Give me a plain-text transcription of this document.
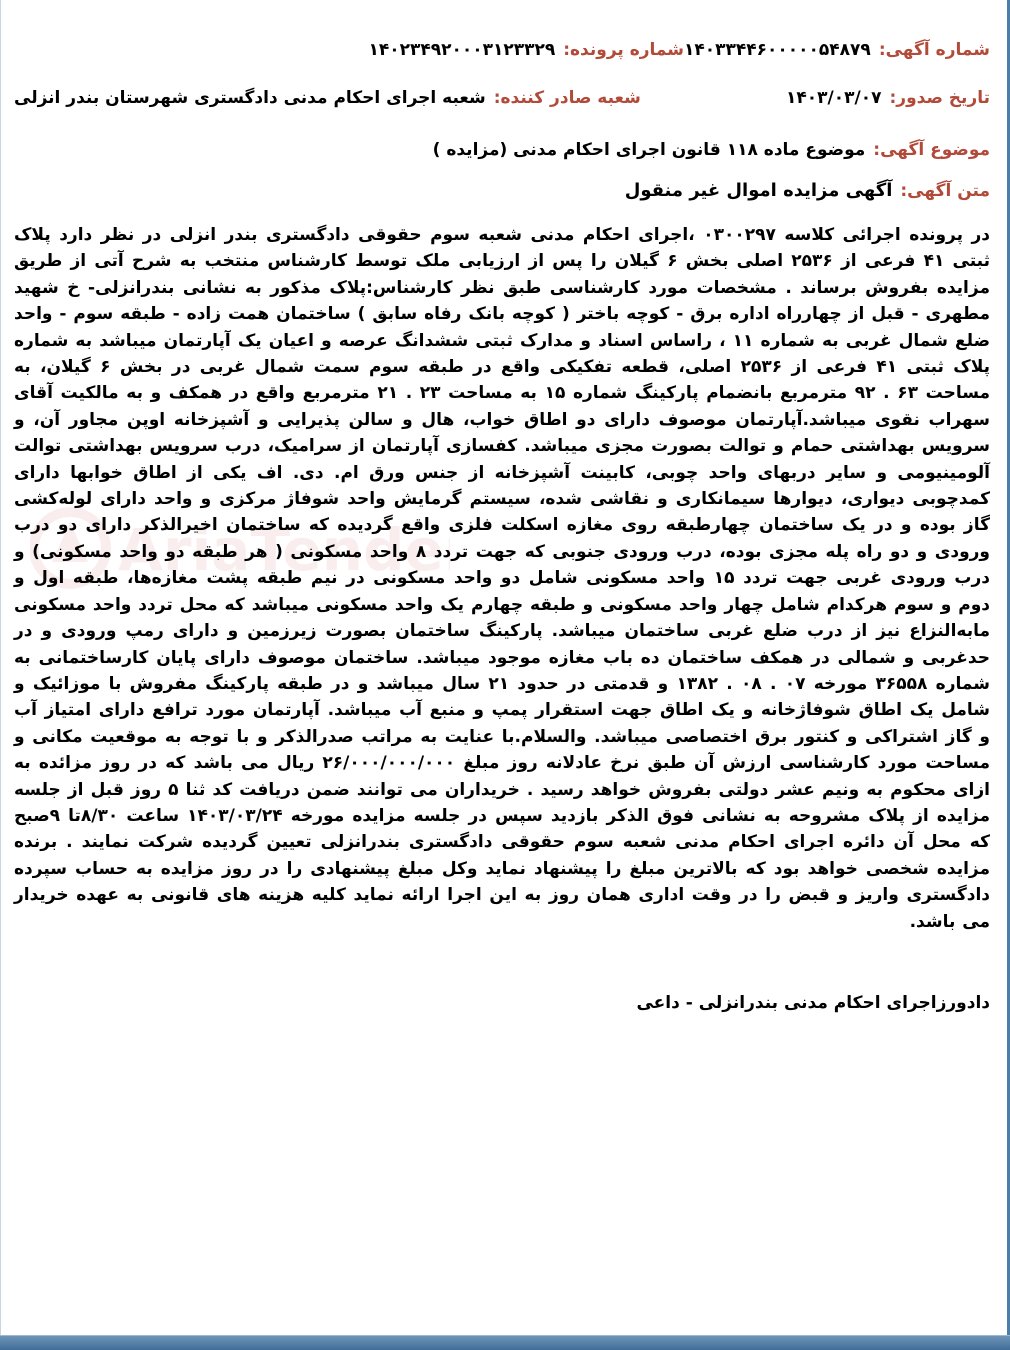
AriaTende
شماره آگهی:
۱۴۰۳۳۴۴۶۰۰۰۰۰۵۴۸۷۹
شماره پرونده:
۱۴۰۲۳۴۹۲۰۰۰۳۱۲۳۳۲۹
تاریخ صدور:
۱۴۰۳/۰۳/۰۷
شعبه صادر کننده:
شعبه اجرای احکام مدنی دادگستری شهرستان بندر انزلی
موضوع آگهی:
موضوع ماده ۱۱۸ قانون اجرای احکام مدنی (مزایده )
متن آگهی:
آگهی مزایده اموال غیر منقول
در پرونده اجرائی کلاسه ۰۳۰۰۲۹۷ ،اجرای احکام مدنی شعبه سوم حقوقی دادگستری بندر انزلی در نظر دارد پلاک ثبتی ۴۱ فرعی از ۲۵۳۶ اصلی بخش ۶ گیلان را پس از ارزیابی ملک توسط کارشناس منتخب به شرح آتی از طریق مزایده بفروش برساند . مشخصات مورد کارشناسی طبق نظر کارشناس:پلاک مذکور به نشانی بندرانزلی- خ شهید مطهری - قبل از چهارراه اداره برق - کوچه باختر ( کوچه بانک رفاه سابق ) ساختمان همت زاده - طبقه سوم - واحد ضلع شمال غربی به شماره ۱۱ ، راساس اسناد و مدارک ثبتی ششدانگ عرصه و اعیان یک آپارتمان میباشد به شماره پلاک ثبتی ۴۱ فرعی از ۲۵۳۶ اصلی، قطعه تفکیکی واقع در طبقه سوم سمت شمال غربی در بخش ۶ گیلان، به مساحت ۶۳ . ۹۲ مترمربع بانضمام پارکینگ شماره ۱۵ به مساحت ۲۳ . ۲۱ مترمربع واقع در همکف و به مالکیت آقای سهراب نقوی میباشد.آپارتمان موصوف دارای دو اطاق خواب، هال و سالن پذیرایی و آشپزخانه اوپن مجاور آن، و سرویس بهداشتی حمام و توالت بصورت مجزی میباشد. کفسازی آپارتمان از سرامیک، درب سرویس بهداشتی توالت آلومینیومی و سایر دربهای واحد چوبی، کابینت آشپزخانه از جنس ورق ام. دی. اف یکی از اطاق خوابها دارای کمدچوبی دیواری، دیوارها سیمانکاری و نقاشی شده، سیستم گرمایش واحد شوفاژ مرکزی و واحد دارای لوله‌کشی گاز بوده و در یک ساختمان چهارطبقه روی مغازه اسکلت فلزی واقع گردیده که ساختمان اخیرالذکر دارای دو درب ورودی و دو راه پله مجزی بوده، درب ورودی جنوبی که جهت تردد ۸ واحد مسکونی ( هر طبقه دو واحد مسکونی) و درب ورودی غربی جهت تردد ۱۵ واحد مسکونی شامل دو واحد مسکونی در نیم طبقه پشت مغازه‌ها، طبقه اول و دوم و سوم هرکدام شامل چهار واحد مسکونی و طبقه چهارم یک واحد مسکونی میباشد که محل تردد واحد مسکونی مابه‌النزاع نیز از درب ضلع غربی ساختمان میباشد. پارکینگ ساختمان بصورت زیرزمین و دارای رمپ ورودی و در حدغربی و شمالی در همکف ساختمان ده باب مغازه موجود میباشد. ساختمان موصوف دارای پایان کارساختمانی به شماره ۳۶۵۵۸ مورخه ۰۷ . ۰۸ . ۱۳۸۲ و قدمتی در حدود ۲۱ سال میباشد و در طبقه پارکینگ مفروش با موزائیک و شامل یک اطاق شوفاژخانه و یک اطاق جهت استقرار پمپ و منبع آب میباشد. آپارتمان مورد ترافع دارای امتیاز آب و گاز اشتراکی و کنتور برق اختصاصی میباشد. والسلام.با عنایت به مراتب صدرالذکر و با توجه به موقعیت مکانی و مساحت مورد کارشناسی ارزش آن طبق نرخ عادلانه روز مبلغ ۲۶/۰۰۰/۰۰۰/۰۰۰ ریال می باشد که در روز مزائده به ازای محکوم به ونیم عشر دولتی بفروش خواهد رسید . خریداران می توانند ضمن دریافت کد ثنا ۵ روز قبل از جلسه مزایده از پلاک مشروحه به نشانی فوق الذکر بازدید سپس در جلسه مزایده مورخه ۱۴۰۳/۰۳/۲۴ ساعت ۸/۳۰تا ۹صبح که محل آن دائره اجرای احکام مدنی شعبه سوم حقوقی دادگستری بندرانزلی تعیین گردیده شرکت نمایند . برنده مزایده شخصی خواهد بود که بالاترین مبلغ را پیشنهاد نماید وکل مبلغ پیشنهادی را در روز مزایده به حساب سپرده دادگستری واریز و قبض را در وقت اداری همان روز به این اجرا ارائه نماید کلیه هزینه های قانونی به عهده خریدار می باشد.
دادورزاجرای احکام مدنی بندرانزلی - داعی
